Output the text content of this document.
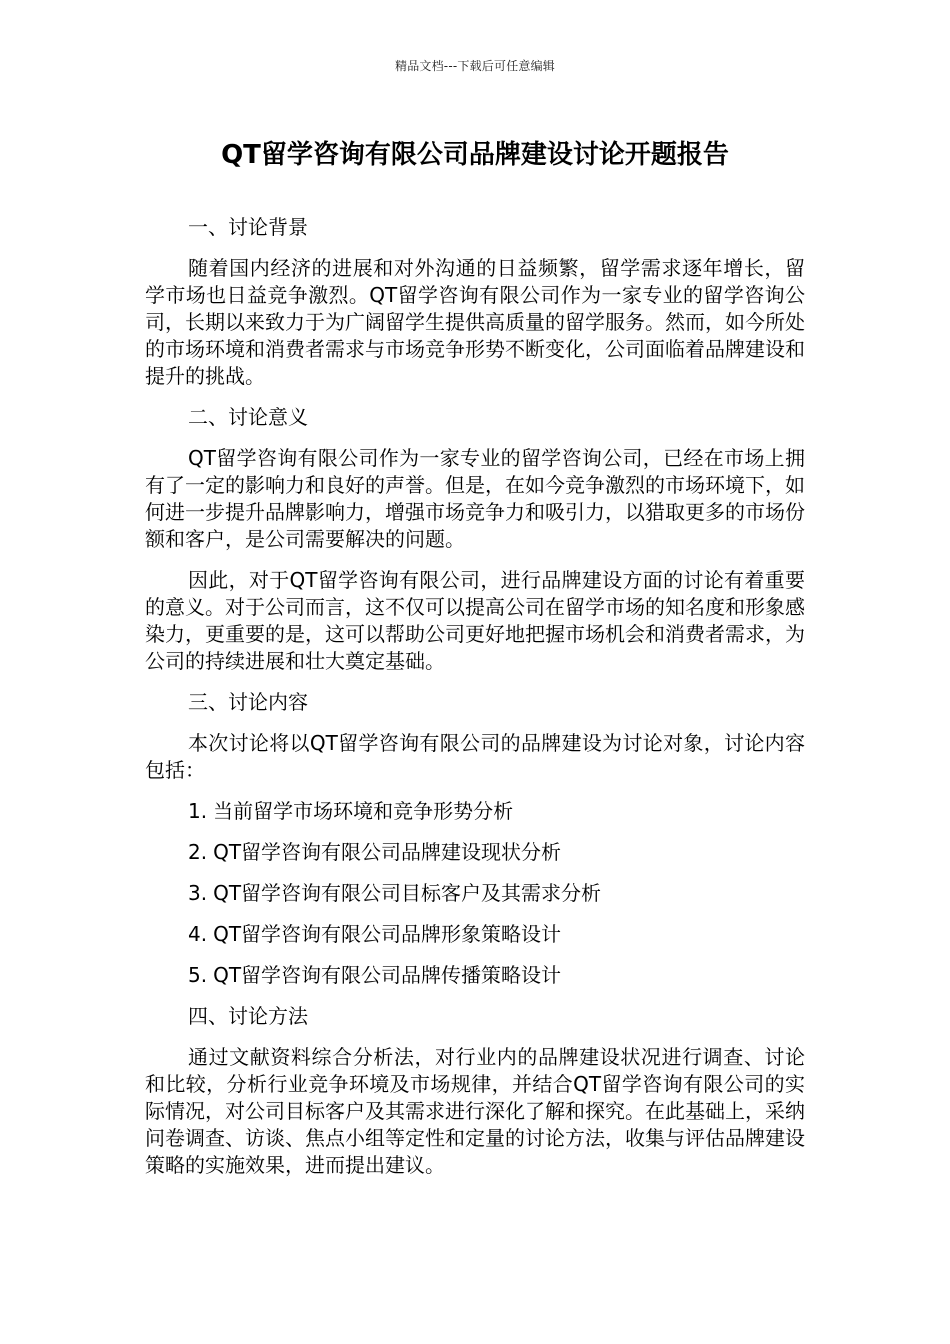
精品文档---下载后可任意编辑
QT留学咨询有限公司品牌建设讨论开题报告

一、讨论背景

随着国内经济的进展和对外沟通的日益频繁，留学需求逐年增长，留学市场也日益竞争激烈。QT留学咨询有限公司作为一家专业的留学咨询公司，长期以来致力于为广阔留学生提供高质量的留学服务。然而，如今所处的市场环境和消费者需求与市场竞争形势不断变化，公司面临着品牌建设和提升的挑战。

二、讨论意义

QT留学咨询有限公司作为一家专业的留学咨询公司，已经在市场上拥有了一定的影响力和良好的声誉。但是，在如今竞争激烈的市场环境下，如何进一步提升品牌影响力，增强市场竞争力和吸引力，以猎取更多的市场份额和客户，是公司需要解决的问题。

因此，对于QT留学咨询有限公司，进行品牌建设方面的讨论有着重要的意义。对于公司而言，这不仅可以提高公司在留学市场的知名度和形象感染力，更重要的是，这可以帮助公司更好地把握市场机会和消费者需求，为公司的持续进展和壮大奠定基础。

三、讨论内容

本次讨论将以QT留学咨询有限公司的品牌建设为讨论对象，讨论内容包括：

1. 当前留学市场环境和竞争形势分析
2. QT留学咨询有限公司品牌建设现状分析
3. QT留学咨询有限公司目标客户及其需求分析
4. QT留学咨询有限公司品牌形象策略设计
5. QT留学咨询有限公司品牌传播策略设计

四、讨论方法

通过文献资料综合分析法，对行业内的品牌建设状况进行调查、讨论和比较，分析行业竞争环境及市场规律，并结合QT留学咨询有限公司的实际情况，对公司目标客户及其需求进行深化了解和探究。在此基础上，采纳问卷调查、访谈、焦点小组等定性和定量的讨论方法，收集与评估品牌建设策略的实施效果，进而提出建议。
